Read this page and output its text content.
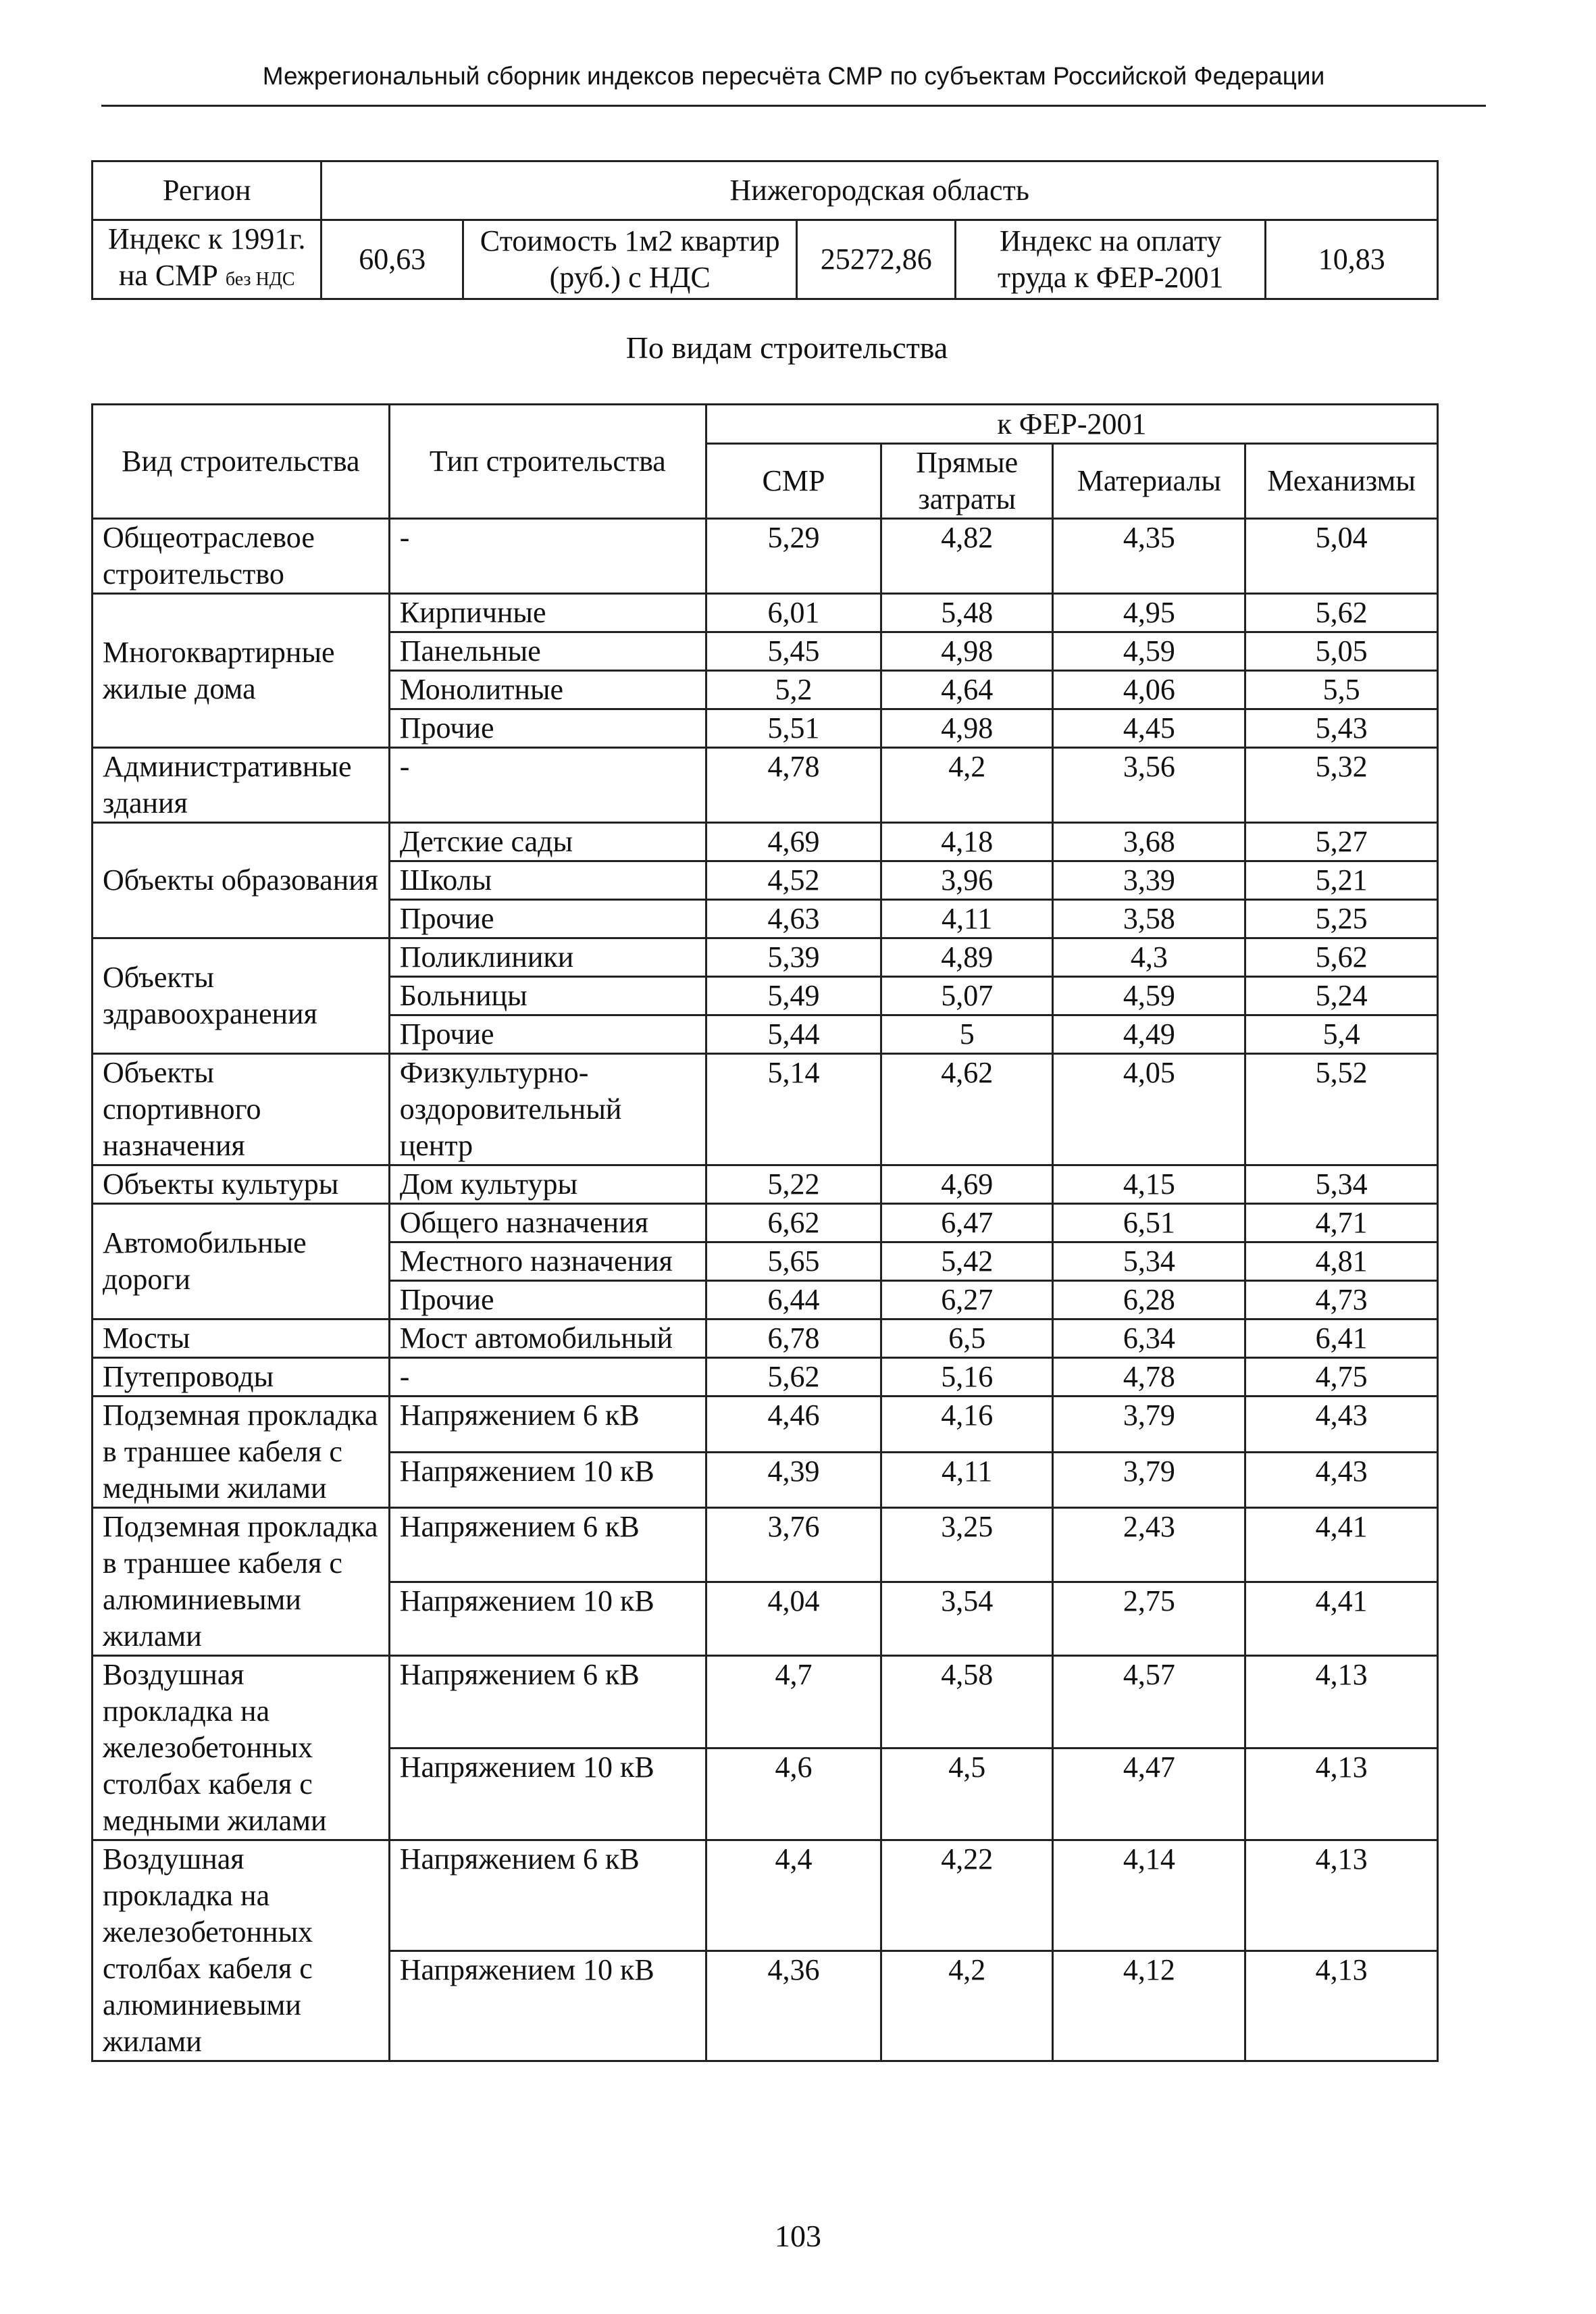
Межрегиональный сборник индексов пересчёта СМР по субъектам Российской Федерации
Регион	Нижегородская область				
Индекс к 1991г. на СМР без НДС	60,63	Стоимость 1м2 квартир (руб.) с НДС	25272,86	Индекс на оплату труда к ФЕР-2001	10,83
По видам строительства
Вид строительства	Тип строительства	к ФЕР-2001			
		СМР	Прямые затраты	Материалы	Механизмы
Общеотраслевое строительство	-	5,29	4,82	4,35	5,04
Многоквартирные жилые дома	Кирпичные	6,01	5,48	4,95	5,62
	Панельные	5,45	4,98	4,59	5,05
	Монолитные	5,2	4,64	4,06	5,5
	Прочие	5,51	4,98	4,45	5,43
Административные здания	-	4,78	4,2	3,56	5,32
Объекты образования	Детские сады	4,69	4,18	3,68	5,27
	Школы	4,52	3,96	3,39	5,21
	Прочие	4,63	4,11	3,58	5,25
Объекты здравоохранения	Поликлиники	5,39	4,89	4,3	5,62
	Больницы	5,49	5,07	4,59	5,24
	Прочие	5,44	5	4,49	5,4
Объекты спортивного назначения	Физкультурно-оздоровительный центр	5,14	4,62	4,05	5,52
Объекты культуры	Дом культуры	5,22	4,69	4,15	5,34
Автомобильные дороги	Общего назначения	6,62	6,47	6,51	4,71
	Местного назначения	5,65	5,42	5,34	4,81
	Прочие	6,44	6,27	6,28	4,73
Мосты	Мост автомобильный	6,78	6,5	6,34	6,41
Путепроводы	-	5,62	5,16	4,78	4,75
Подземная прокладка в траншее кабеля с медными жилами	Напряжением 6 кВ	4,46	4,16	3,79	4,43
	Напряжением 10 кВ	4,39	4,11	3,79	4,43
Подземная прокладка в траншее кабеля с алюминиевыми жилами	Напряжением 6 кВ	3,76	3,25	2,43	4,41
	Напряжением 10 кВ	4,04	3,54	2,75	4,41
Воздушная прокладка на железобетонных столбах кабеля с медными жилами	Напряжением 6 кВ	4,7	4,58	4,57	4,13
	Напряжением 10 кВ	4,6	4,5	4,47	4,13
Воздушная прокладка на железобетонных столбах кабеля с алюминиевыми жилами	Напряжением 6 кВ	4,4	4,22	4,14	4,13
	Напряжением 10 кВ	4,36	4,2	4,12	4,13
103
